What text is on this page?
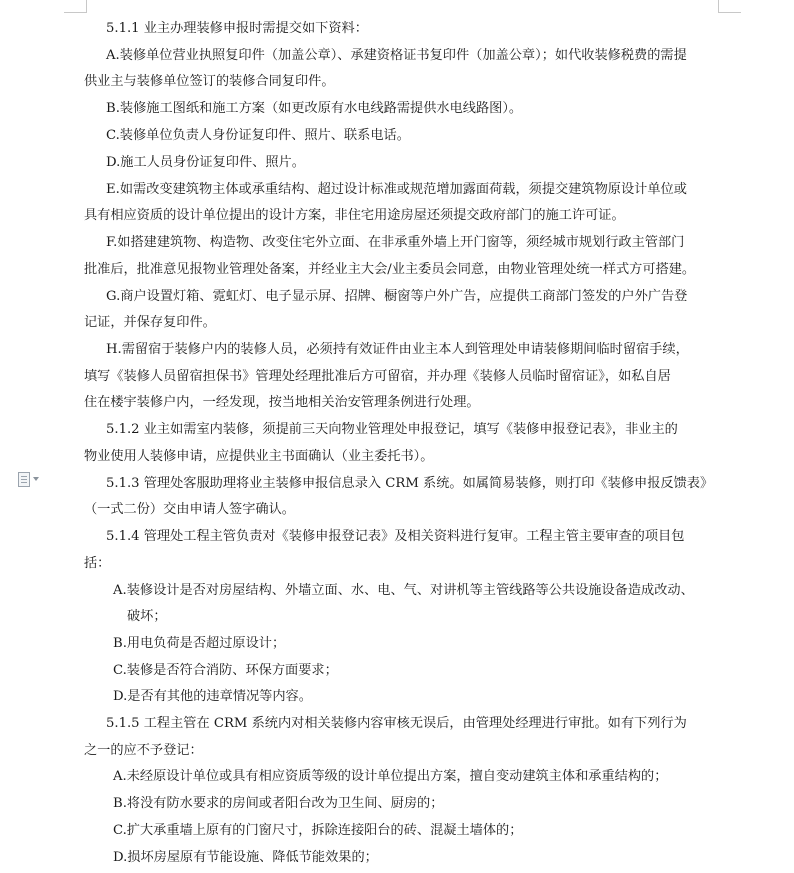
5.1.1 业主办理装修申报时需提交如下资料：
A.装修单位营业执照复印件（加盖公章）、承建资格证书复印件（加盖公章）；如代收装修税费的需提
供业主与装修单位签订的装修合同复印件。
B.装修施工图纸和施工方案（如更改原有水电线路需提供水电线路图）。
C.装修单位负责人身份证复印件、照片、联系电话。
D.施工人员身份证复印件、照片。
E.如需改变建筑物主体或承重结构、超过设计标准或规范增加露面荷载，须提交建筑物原设计单位或
具有相应资质的设计单位提出的设计方案，非住宅用途房屋还须提交政府部门的施工许可证。
F.如搭建建筑物、构造物、改变住宅外立面、在非承重外墙上开门窗等，须经城市规划行政主管部门
批准后，批准意见报物业管理处备案，并经业主大会/业主委员会同意，由物业管理处统一样式方可搭建。
G.商户设置灯箱、霓虹灯、电子显示屏、招牌、橱窗等户外广告，应提供工商部门签发的户外广告登
记证，并保存复印件。
H.需留宿于装修户内的装修人员，必须持有效证件由业主本人到管理处申请装修期间临时留宿手续，
填写《装修人员留宿担保书》管理处经理批准后方可留宿，并办理《装修人员临时留宿证》，如私自居
住在楼宇装修户内，一经发现，按当地相关治安管理条例进行处理。
5.1.2 业主如需室内装修，须提前三天向物业管理处申报登记，填写《装修申报登记表》，非业主的
物业使用人装修申请，应提供业主书面确认（业主委托书）。
5.1.3 管理处客服助理将业主装修申报信息录入 CRM 系统。如属简易装修，则打印《装修申报反馈表》
（一式二份）交由申请人签字确认。
5.1.4 管理处工程主管负责对《装修申报登记表》及相关资料进行复审。工程主管主要审查的项目包
括：
A.装修设计是否对房屋结构、外墙立面、水、电、气、对讲机等主管线路等公共设施设备造成改动、
破坏；
B.用电负荷是否超过原设计；
C.装修是否符合消防、环保方面要求；
D.是否有其他的违章情况等内容。
5.1.5 工程主管在 CRM 系统内对相关装修内容审核无误后，由管理处经理进行审批。如有下列行为
之一的应不予登记：
A.未经原设计单位或具有相应资质等级的设计单位提出方案，擅自变动建筑主体和承重结构的；
B.将没有防水要求的房间或者阳台改为卫生间、厨房的；
C.扩大承重墙上原有的门窗尺寸，拆除连接阳台的砖、混凝土墙体的；
D.损坏房屋原有节能设施、降低节能效果的；
